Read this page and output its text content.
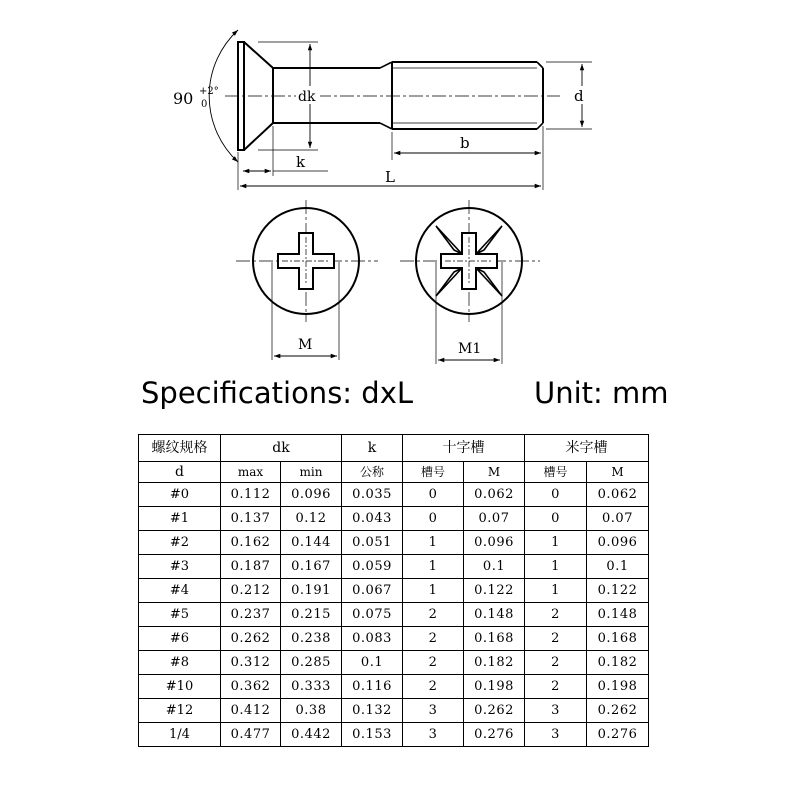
90 +2°
0	dk	d
k
b
L
M	M1
Specifications: dxL	Unit: mm
螺纹规格	dk		k	十字槽		米字槽	
d	max	min	公称	槽号	M	槽号	M
#0	0.112	0.096	0.035	0	0.062	0	0.062
#1	0.137	0.12	0.043	0	0.07	0	0.07
#2	0.162	0.144	0.051	1	0.096	1	0.096
#3	0.187	0.167	0.059	1	0.1	1	0.1
#4	0.212	0.191	0.067	1	0.122	1	0.122
#5	0.237	0.215	0.075	2	0.148	2	0.148
#6	0.262	0.238	0.083	2	0.168	2	0.168
#8	0.312	0.285	0.1	2	0.182	2	0.182
#10	0.362	0.333	0.116	2	0.198	2	0.198
#12	0.412	0.38	0.132	3	0.262	3	0.262
1/4	0.477	0.442	0.153	3	0.276	3	0.276
